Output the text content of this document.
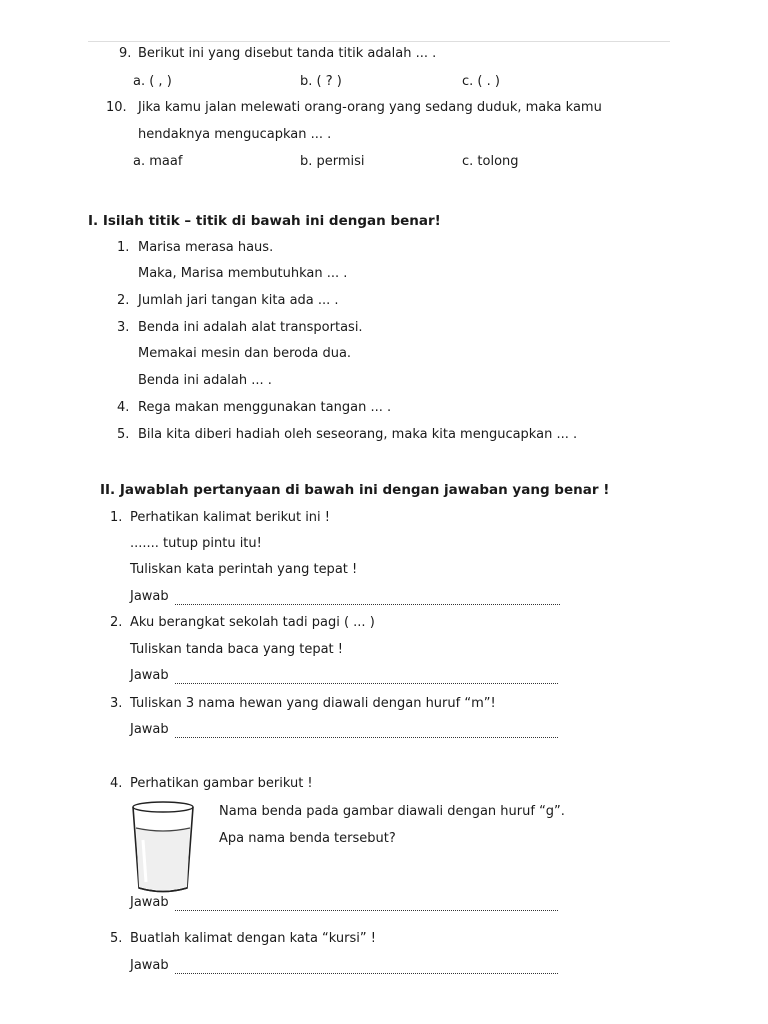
9. Berikut ini yang disebut tanda titik adalah ... .
a. ( , )	b. ( ? )	c. ( . )
10. Jika kamu jalan melewati orang-orang yang sedang duduk, maka kamu
hendaknya mengucapkan ... .
a. maaf	b. permisi	c. tolong
I. Isilah titik – titik di bawah ini dengan benar!
1. Marisa merasa haus.
Maka, Marisa membutuhkan ... .
2. Jumlah jari tangan kita ada ... .
3. Benda ini adalah alat transportasi.
Memakai mesin dan beroda dua.
Benda ini adalah ... .
4. Rega makan menggunakan tangan ... .
5. Bila kita diberi hadiah oleh seseorang, maka kita mengucapkan ... .
II. Jawablah pertanyaan di bawah ini dengan jawaban yang benar !
1. Perhatikan kalimat berikut ini !
....... tutup pintu itu!
Tuliskan kata perintah yang tepat !
Jawab
2. Aku berangkat sekolah tadi pagi ( ... )
Tuliskan tanda baca yang tepat !
Jawab
3. Tuliskan 3 nama hewan yang diawali dengan huruf “m”!
Jawab
4. Perhatikan gambar berikut !
Nama benda pada gambar diawali dengan huruf “g”.
Apa nama benda tersebut?
Jawab
5. Buatlah kalimat dengan kata “kursi” !
Jawab
